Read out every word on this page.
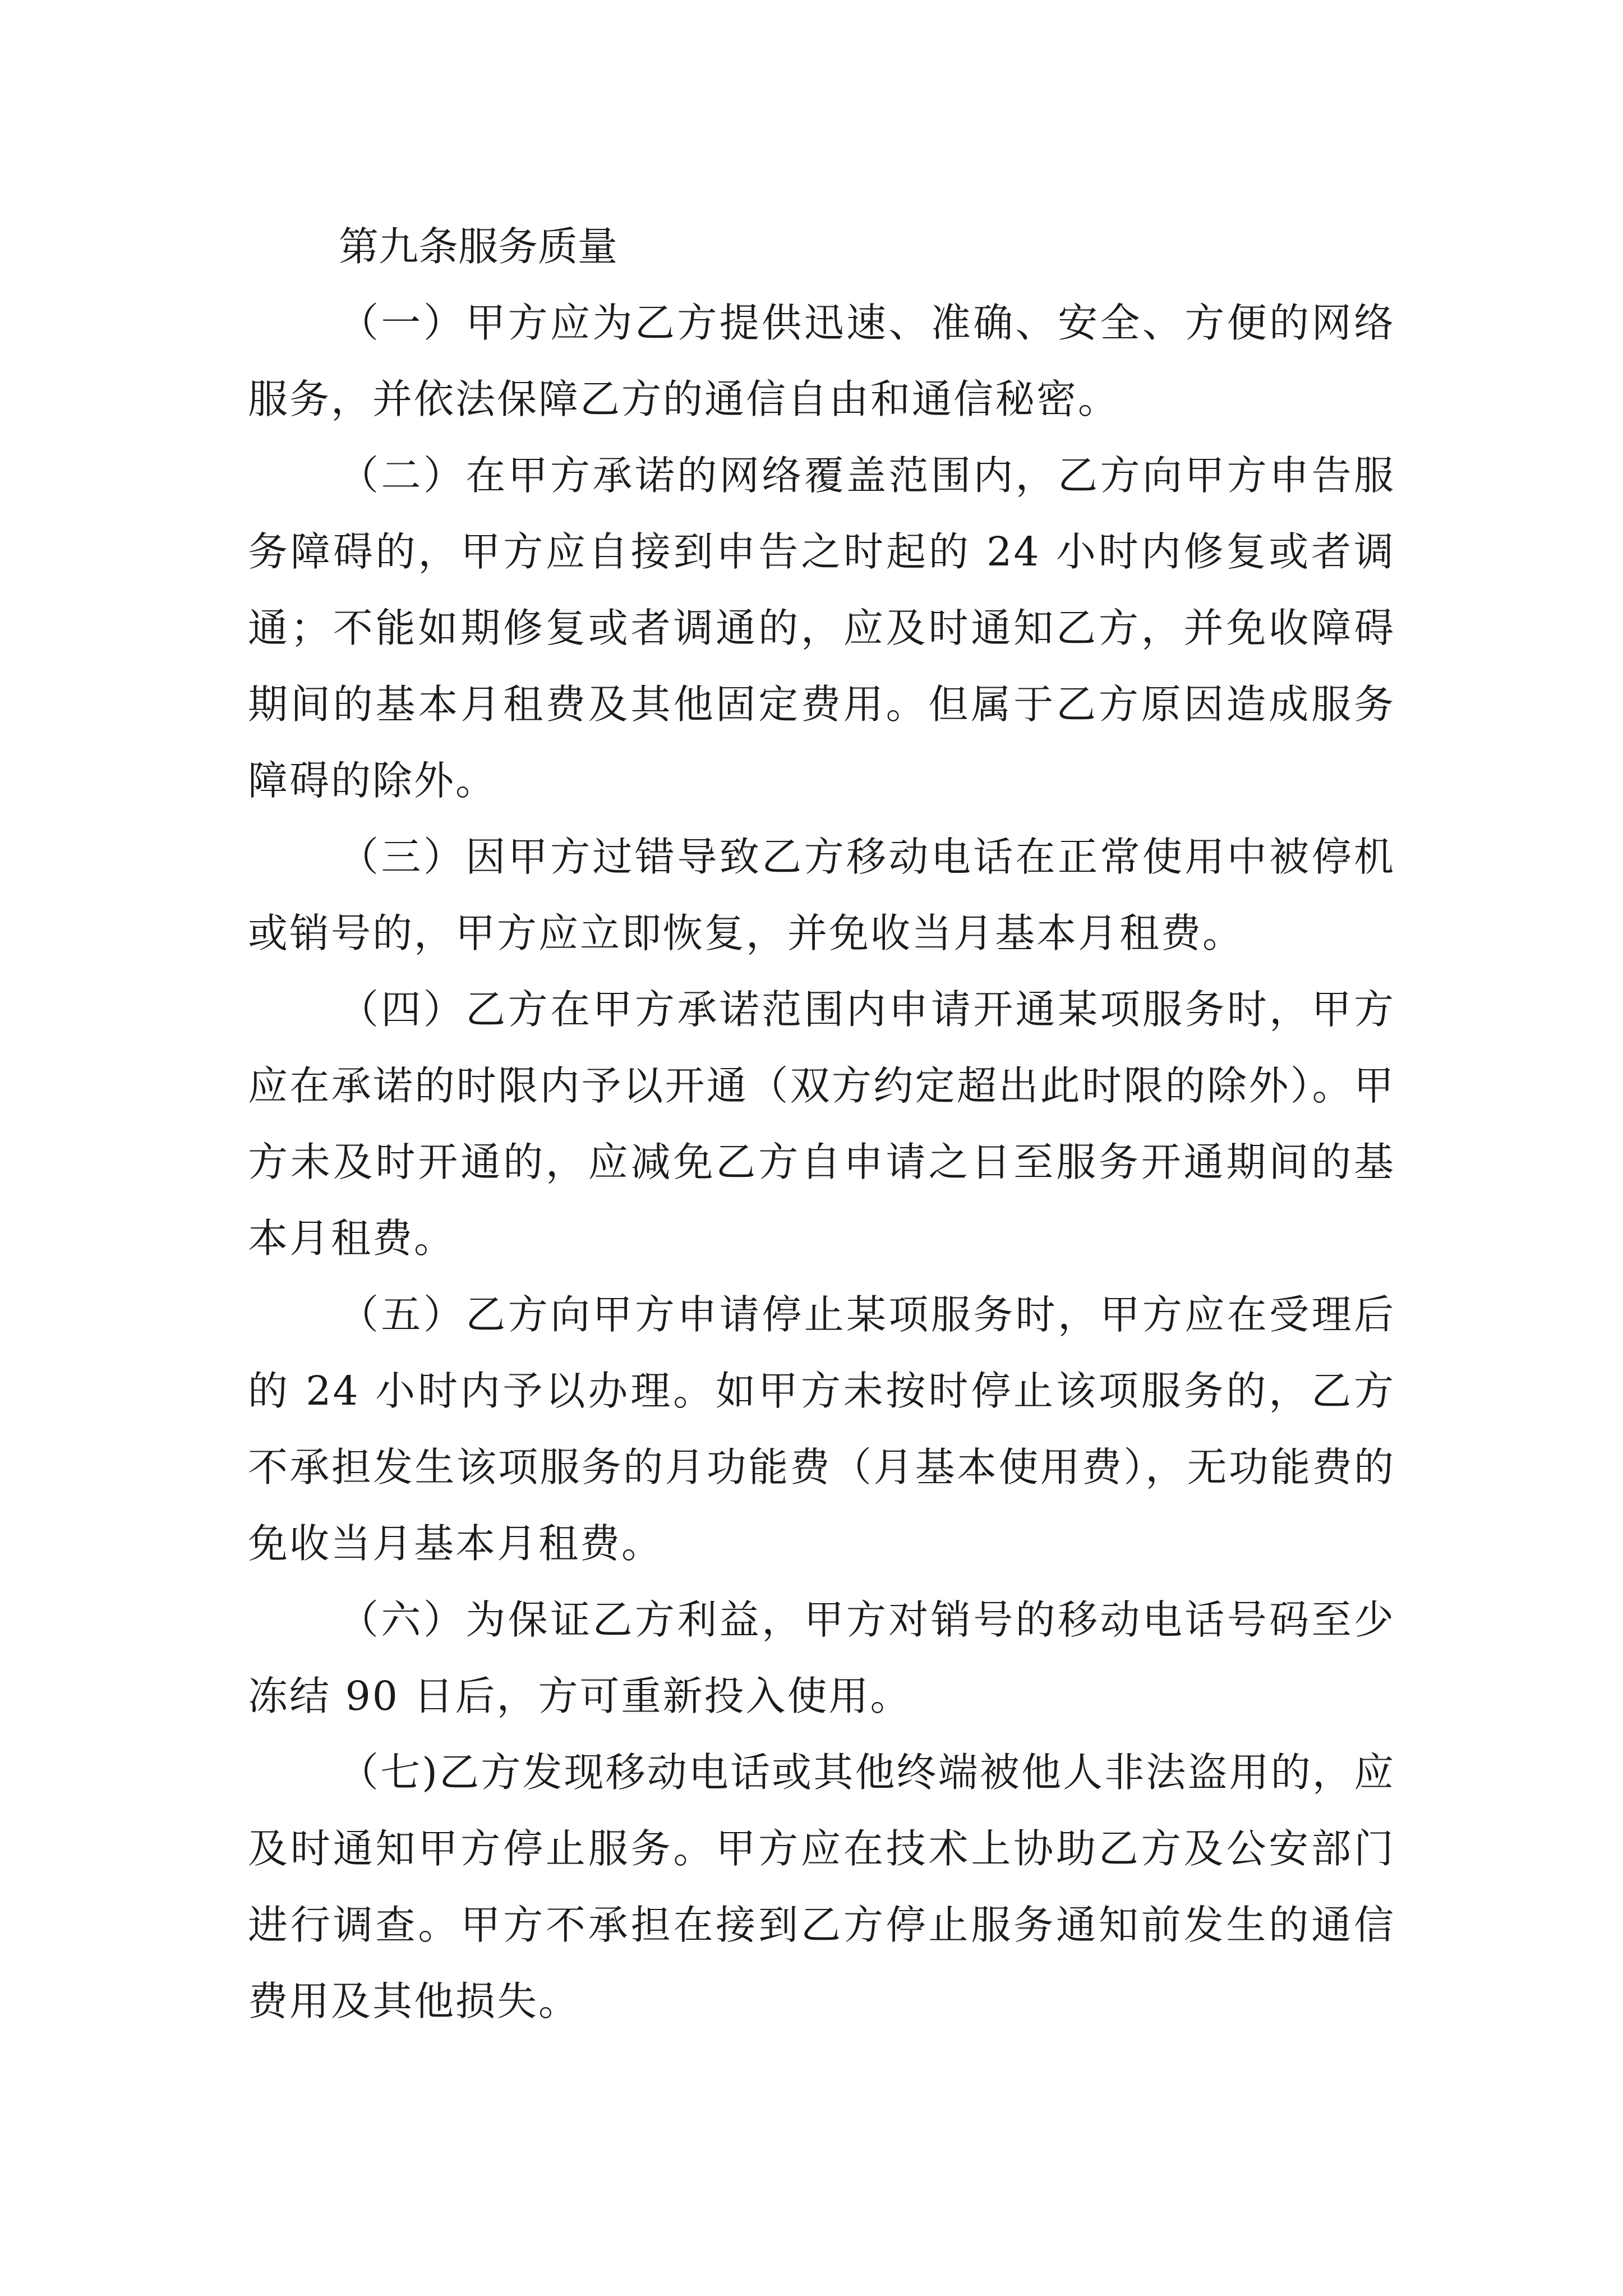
第九条服务质量

（一）甲方应为乙方提供迅速、准确、安全、方便的网络服务，并依法保障乙方的通信自由和通信秘密。

（二）在甲方承诺的网络覆盖范围内，乙方向甲方申告服务障碍的，甲方应自接到申告之时起的 24 小时内修复或者调通；不能如期修复或者调通的，应及时通知乙方，并免收障碍期间的基本月租费及其他固定费用。但属于乙方原因造成服务障碍的除外。

（三）因甲方过错导致乙方移动电话在正常使用中被停机或销号的，甲方应立即恢复，并免收当月基本月租费。

（四）乙方在甲方承诺范围内申请开通某项服务时，甲方应在承诺的时限内予以开通（双方约定超出此时限的除外）。甲方未及时开通的，应减免乙方自申请之日至服务开通期间的基本月租费。

（五）乙方向甲方申请停止某项服务时，甲方应在受理后的 24 小时内予以办理。如甲方未按时停止该项服务的，乙方不承担发生该项服务的月功能费（月基本使用费），无功能费的免收当月基本月租费。

（六）为保证乙方利益，甲方对销号的移动电话号码至少冻结 90 日后，方可重新投入使用。

（七)乙方发现移动电话或其他终端被他人非法盗用的，应及时通知甲方停止服务。甲方应在技术上协助乙方及公安部门进行调查。甲方不承担在接到乙方停止服务通知前发生的通信费用及其他损失。
